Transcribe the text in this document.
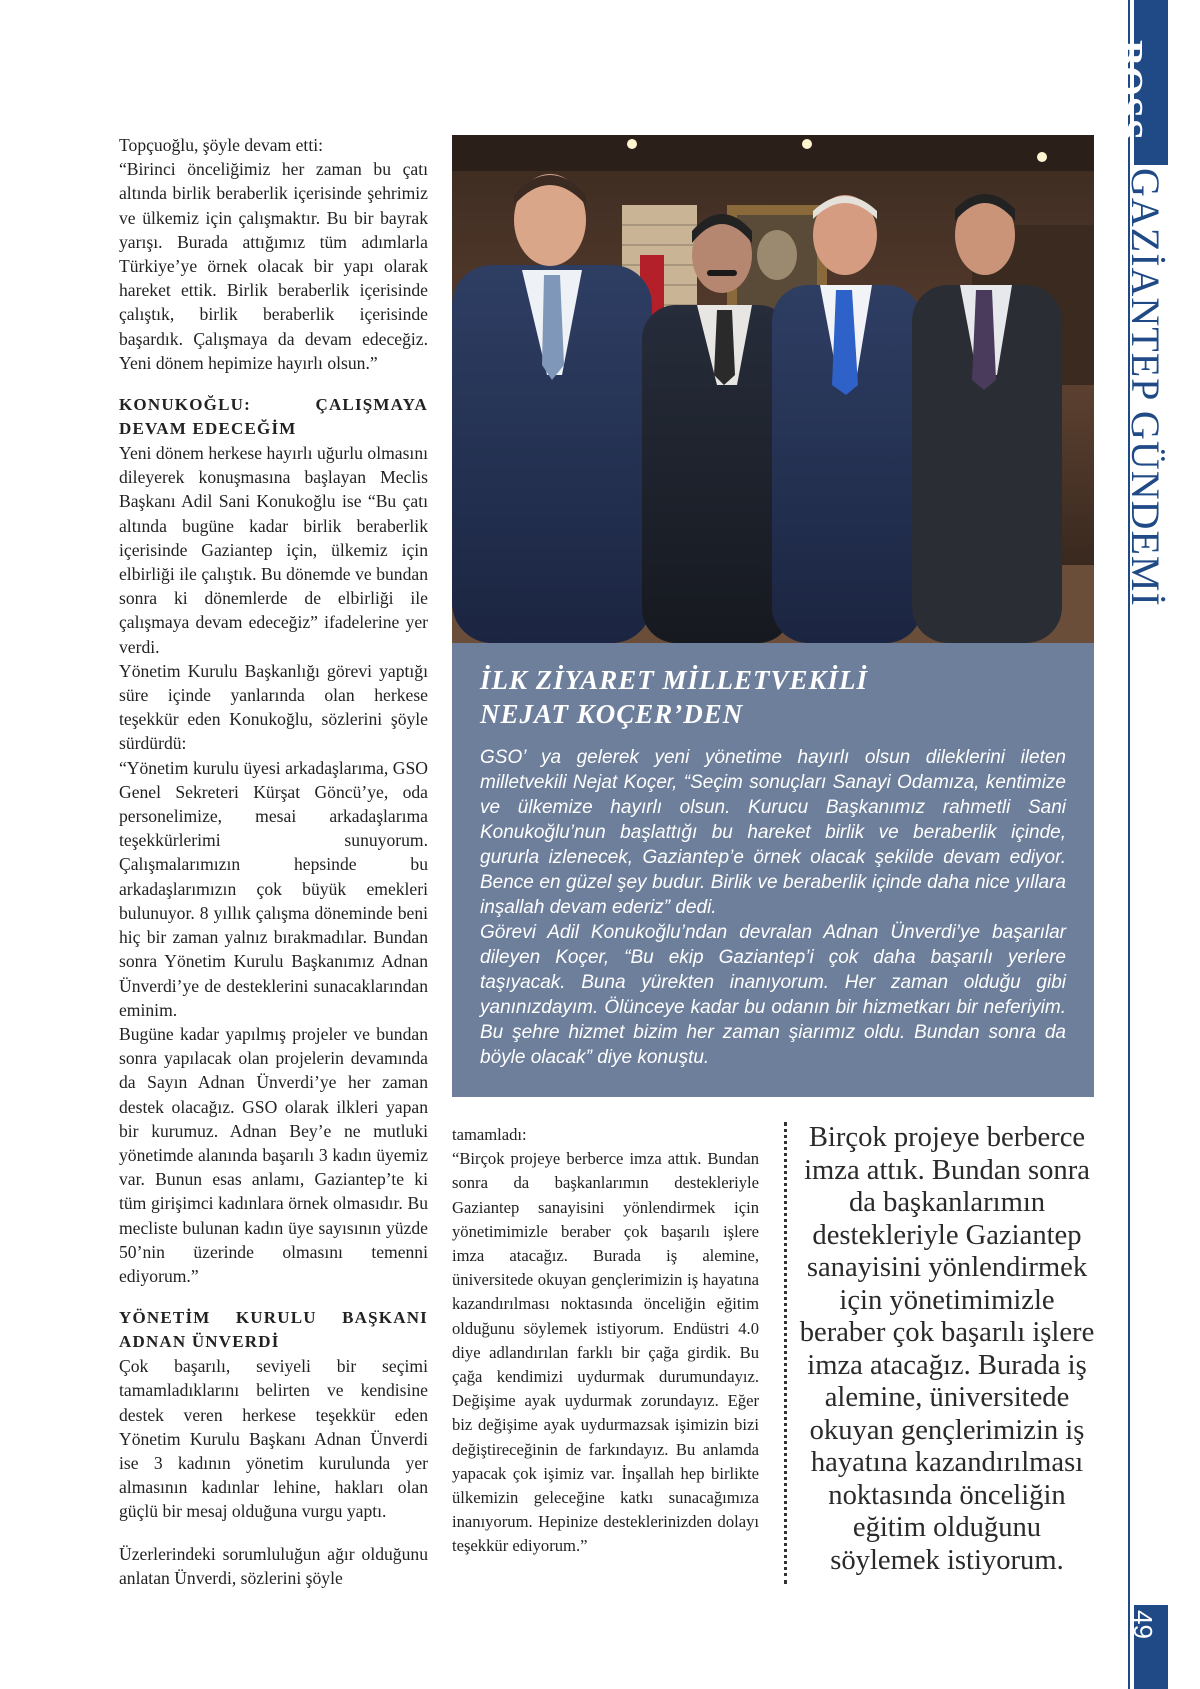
BOSS
GAZİANTEP GÜNDEMİ
49

Topçuoğlu, şöyle devam etti:

“Birinci önceliğimiz her zaman bu çatı altında birlik beraberlik içerisinde şehrimiz ve ülkemiz için çalışmaktır. Bu bir bayrak yarışı. Burada attığımız tüm adımlarla Türkiye’ye örnek olacak bir yapı olarak hareket ettik. Birlik beraberlik içerisinde çalıştık, birlik beraberlik içerisinde başardık. Çalışmaya da devam edeceğiz. Yeni dönem hepimize hayırlı olsun.”

KONUKOĞLU: ÇALIŞMAYA DEVAM EDECEĞİM

Yeni dönem herkese hayırlı uğurlu olmasını dileyerek konuşmasına başlayan Meclis Başkanı Adil Sani Konukoğlu ise “Bu çatı altında bugüne kadar birlik beraberlik içerisinde Gaziantep için, ülkemiz için elbirliği ile çalıştık. Bu dönemde ve bundan sonra ki dönemlerde de elbirliği ile çalışmaya devam edeceğiz” ifadelerine yer verdi.

Yönetim Kurulu Başkanlığı görevi yaptığı süre içinde yanlarında olan herkese teşekkür eden Konukoğlu, sözlerini şöyle sürdürdü:

“Yönetim kurulu üyesi arkadaşlarıma, GSO Genel Sekreteri Kürşat Göncü’ye, oda personelimize, mesai arkadaşlarıma teşekkürlerimi sunuyorum. Çalışmalarımızın hepsinde bu arkadaşlarımızın çok büyük emekleri bulunuyor. 8 yıllık çalışma döneminde beni hiç bir zaman yalnız bırakmadılar. Bundan sonra Yönetim Kurulu Başkanımız Adnan Ünverdi’ye de desteklerini sunacaklarından eminim.

Bugüne kadar yapılmış projeler ve bundan sonra yapılacak olan projelerin devamında da Sayın Adnan Ünverdi’ye her zaman destek olacağız. GSO olarak ilkleri yapan bir kurumuz. Adnan Bey’e ne mutluki yönetimde alanında başarılı 3 kadın üyemiz var. Bunun esas anlamı, Gaziantep’te ki tüm girişimci kadınlara örnek olmasıdır. Bu mecliste bulunan kadın üye sayısının yüzde 50’nin üzerinde olmasını temenni ediyorum.”

YÖNETİM KURULU BAŞKANI ADNAN ÜNVERDİ

Çok başarılı, seviyeli bir seçimi tamamladıklarını belirten ve kendisine destek veren herkese teşekkür eden Yönetim Kurulu Başkanı Adnan Ünverdi ise 3 kadının yönetim kurulunda yer almasının kadınlar lehine, hakları olan güçlü bir mesaj olduğuna vurgu yaptı.

Üzerlerindeki sorumluluğun ağır olduğunu anlatan Ünverdi, sözlerini şöyle

İLK ZİYARET MİLLETVEKİLİ
NEJAT KOÇER’DEN

GSO’ ya gelerek yeni yönetime hayırlı olsun dileklerini ileten milletvekili Nejat Koçer, “Seçim sonuçları Sanayi Odamıza, kentimize ve ülkemize hayırlı olsun. Kurucu Başkanımız rahmetli Sani Konukoğlu’nun başlattığı bu hareket birlik ve beraberlik içinde, gururla izlenecek, Gaziantep’e örnek olacak şekilde devam ediyor. Bence en güzel şey budur. Birlik ve beraberlik içinde daha nice yıllara inşallah devam ederiz” dedi.

Görevi Adil Konukoğlu’ndan devralan Adnan Ünverdi’ye başarılar dileyen Koçer, “Bu ekip Gaziantep’i çok daha başarılı yerlere taşıyacak. Buna yürekten inanıyorum. Her zaman olduğu gibi yanınızdayım. Ölünceye kadar bu odanın bir hizmetkarı bir neferiyim. Bu şehre hizmet bizim her zaman şiarımız oldu. Bundan sonra da böyle olacak” diye konuştu.

tamamladı:

“Birçok projeye berberce imza attık. Bundan sonra da başkanlarımın destekleriyle Gaziantep sanayisini yönlendirmek için yönetimimizle beraber çok başarılı işlere imza atacağız. Burada iş alemine, üniversitede okuyan gençlerimizin iş hayatına kazandırılması noktasında önceliğin eğitim olduğunu söylemek istiyorum. Endüstri 4.0 diye adlandırılan farklı bir çağa girdik. Bu çağa kendimizi uydurmak durumundayız. Değişime ayak uydurmak zorundayız. Eğer biz değişime ayak uydurmazsak işimizin bizi değiştireceğinin de farkındayız. Bu anlamda yapacak çok işimiz var. İnşallah hep birlikte ülkemizin geleceğine katkı sunacağımıza inanıyorum. Hepinize desteklerinizden dolayı teşekkür ediyorum.”

Birçok projeye berberce imza attık. Bundan sonra da başkanlarımın destekleriyle Gaziantep sanayisini yönlendirmek için yönetimimizle beraber çok başarılı işlere imza atacağız. Burada iş alemine, üniversitede okuyan gençlerimizin iş hayatına kazandırılması noktasında önceliğin eğitim olduğunu söylemek istiyorum.
